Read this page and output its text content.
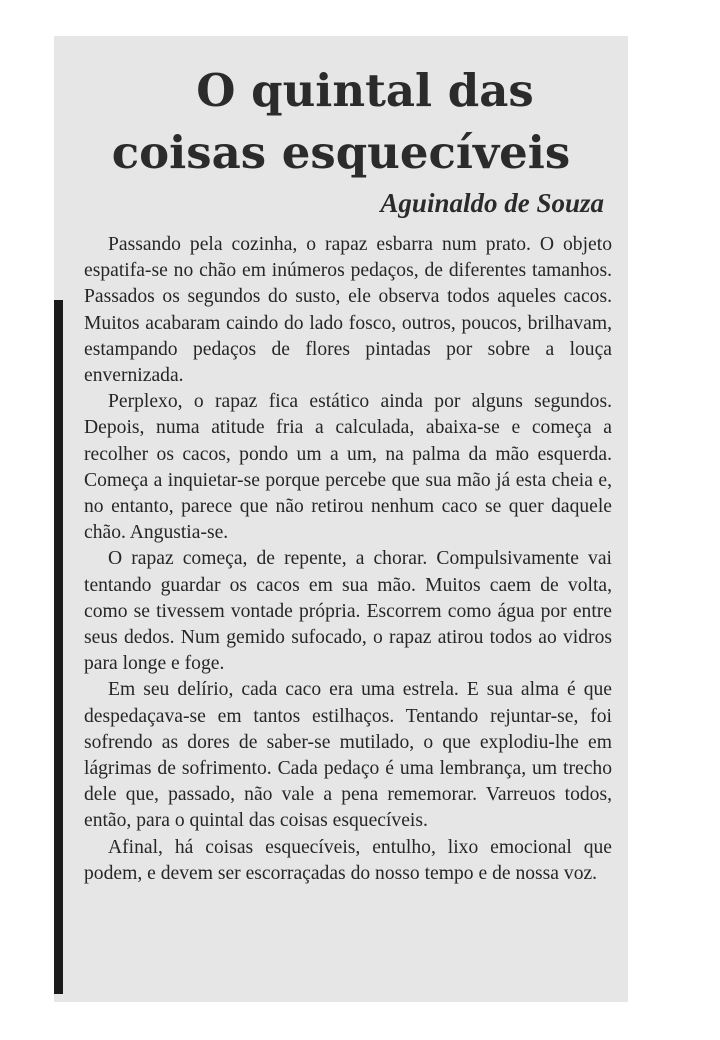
O quintal das
coisas esquecíveis
Aguinaldo de Souza

Passando pela cozinha, o rapaz esbarra num prato. O objeto espatifa-se no chão em inúmeros pedaços, de diferentes tamanhos. Passados os segundos do susto, ele observa todos aqueles cacos. Muitos acabaram caindo do lado fosco, outros, poucos, brilhavam, estampando pedaços de flores pintadas por sobre a louça envernizada.

Perplexo, o rapaz fica estático ainda por alguns segundos. Depois, numa atitude fria a calculada, abaixa-se e começa a recolher os cacos, pondo um a um, na palma da mão esquerda. Começa a inquietar-se porque percebe que sua mão já esta cheia e, no entanto, parece que não retirou nenhum caco se quer daquele chão. Angustia-se.

O rapaz começa, de repente, a chorar. Compulsivamente vai tentando guardar os cacos em sua mão. Muitos caem de volta, como se tivessem vontade própria. Escorrem como água por entre seus dedos. Num gemido sufocado, o rapaz atirou todos ao vidros para longe e foge.

Em seu delírio, cada caco era uma estrela. E sua alma é que despedaçava-se em tantos estilhaços. Tentando rejuntar-se, foi sofrendo as dores de saber-se mutilado, o que explodiu-lhe em lágrimas de sofrimento. Cada pedaço é uma lembrança, um trecho dele que, passado, não vale a pena rememorar. Varreuos todos, então, para o quintal das coisas esquecíveis.

Afinal, há coisas esquecíveis, entulho, lixo emocional que podem, e devem ser escorraçadas do nosso tempo e de nossa voz.
